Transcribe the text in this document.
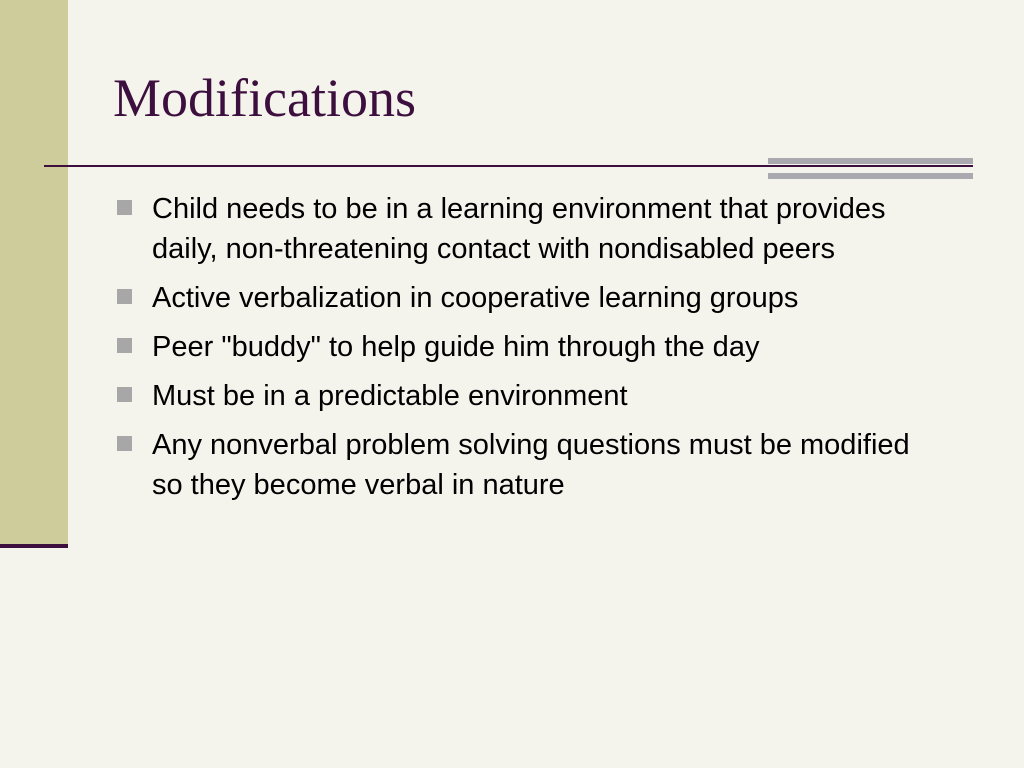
Modifications
Child needs to be in a learning environment that provides daily, non-threatening contact with nondisabled peers
Active verbalization in cooperative learning groups
Peer "buddy" to help guide him through the day
Must be in a predictable environment
Any nonverbal problem solving questions must be modified so they become verbal in nature
